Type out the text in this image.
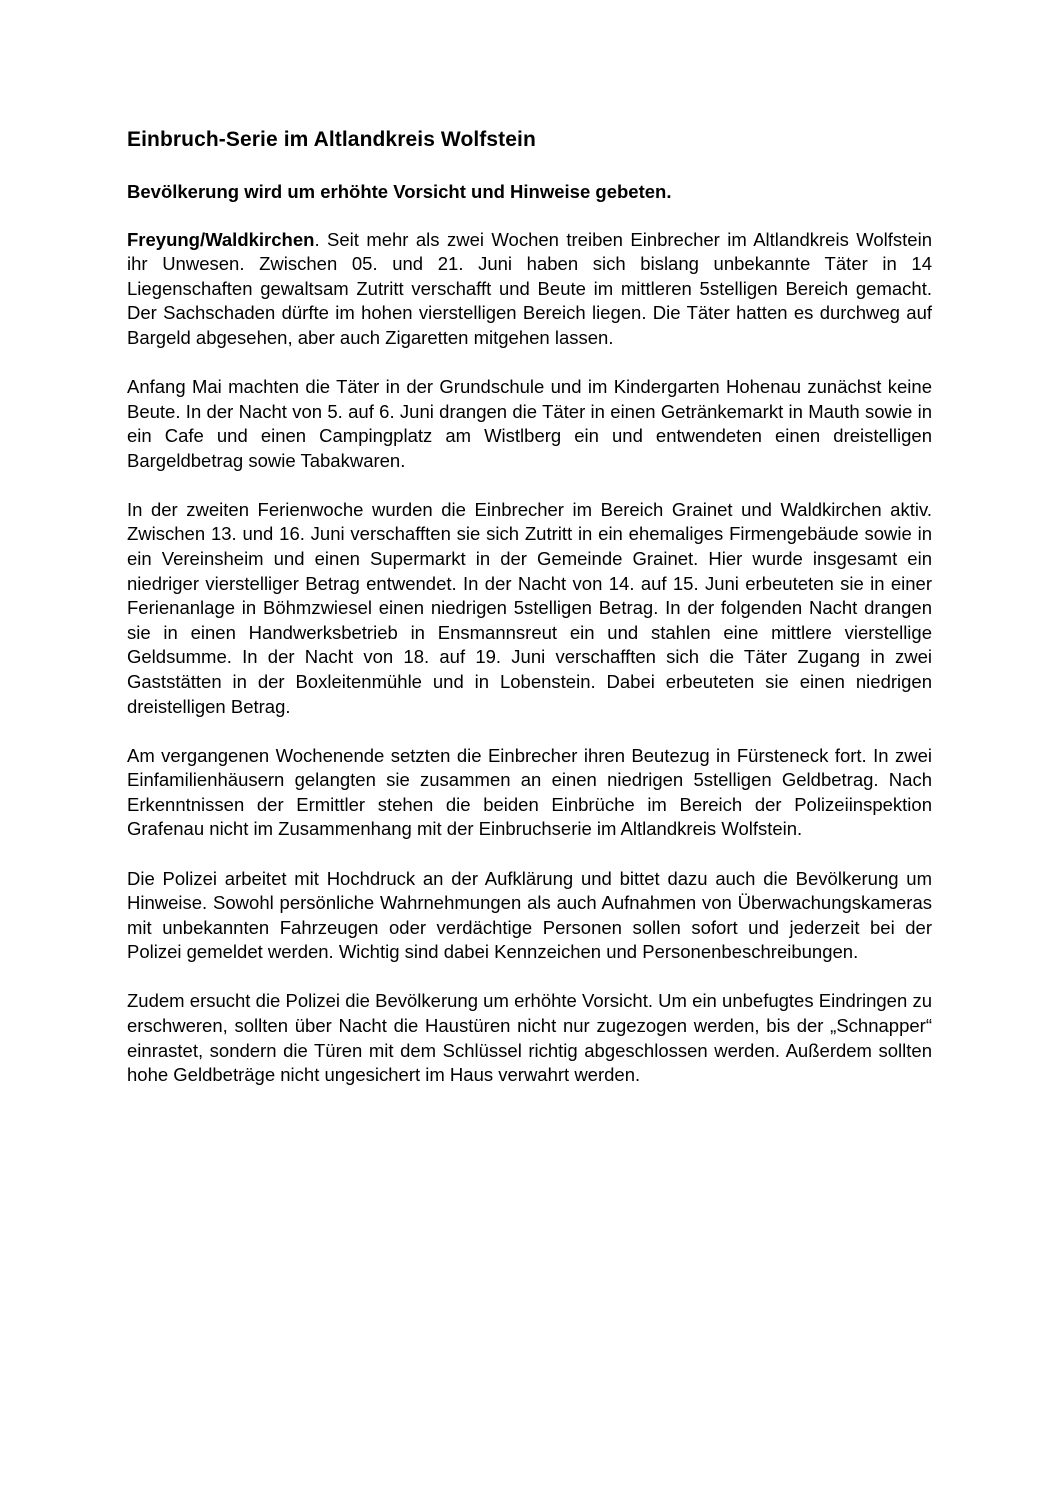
Einbruch-Serie im Altlandkreis Wolfstein

Bevölkerung wird um erhöhte Vorsicht und Hinweise gebeten.

Freyung/Waldkirchen. Seit mehr als zwei Wochen treiben Einbrecher im Altlandkreis Wolfstein ihr Unwesen. Zwischen 05. und 21. Juni haben sich bislang unbekannte Täter in 14 Liegenschaften gewaltsam Zutritt verschafft und Beute im mittleren 5stelligen Bereich gemacht. Der Sachschaden dürfte im hohen vierstelligen Bereich liegen. Die Täter hatten es durchweg auf Bargeld abgesehen, aber auch Zigaretten mitgehen lassen.

Anfang Mai machten die Täter in der Grundschule und im Kindergarten Hohenau zunächst keine Beute. In der Nacht von 5. auf 6. Juni drangen die Täter in einen Getränkemarkt in Mauth sowie in ein Cafe und einen Campingplatz am Wistlberg ein und entwendeten einen dreistelligen Bargeldbetrag sowie Tabakwaren.

In der zweiten Ferienwoche wurden die Einbrecher im Bereich Grainet und Waldkirchen aktiv. Zwischen 13. und 16. Juni verschafften sie sich Zutritt in ein ehemaliges Firmengebäude sowie in ein Vereinsheim und einen Supermarkt in der Gemeinde Grainet. Hier wurde insgesamt ein niedriger vierstelliger Betrag entwendet. In der Nacht von 14. auf 15. Juni erbeuteten sie in einer Ferienanlage in Böhmzwiesel einen niedrigen 5stelligen Betrag. In der folgenden Nacht drangen sie in einen Handwerksbetrieb in Ensmannsreut ein und stahlen eine mittlere vierstellige Geldsumme. In der Nacht von 18. auf 19. Juni verschafften sich die Täter Zugang in zwei Gaststätten in der Boxleitenmühle und in Lobenstein. Dabei erbeuteten sie einen niedrigen dreistelligen Betrag.

Am vergangenen Wochenende setzten die Einbrecher ihren Beutezug in Fürsteneck fort. In zwei Einfamilienhäusern gelangten sie zusammen an einen niedrigen 5stelligen Geldbetrag. Nach Erkenntnissen der Ermittler stehen die beiden Einbrüche im Bereich der Polizeiinspektion Grafenau nicht im Zusammenhang mit der Einbruchserie im Altlandkreis Wolfstein.

Die Polizei arbeitet mit Hochdruck an der Aufklärung und bittet dazu auch die Bevölkerung um Hinweise. Sowohl persönliche Wahrnehmungen als auch Aufnahmen von Überwachungskameras mit unbekannten Fahrzeugen oder verdächtige Personen sollen sofort und jederzeit bei der Polizei gemeldet werden. Wichtig sind dabei Kennzeichen und Personenbeschreibungen.

Zudem ersucht die Polizei die Bevölkerung um erhöhte Vorsicht. Um ein unbefugtes Eindringen zu erschweren, sollten über Nacht die Haustüren nicht nur zugezogen werden, bis der „Schnapper“ einrastet, sondern die Türen mit dem Schlüssel richtig abgeschlossen werden. Außerdem sollten hohe Geldbeträge nicht ungesichert im Haus verwahrt werden.
